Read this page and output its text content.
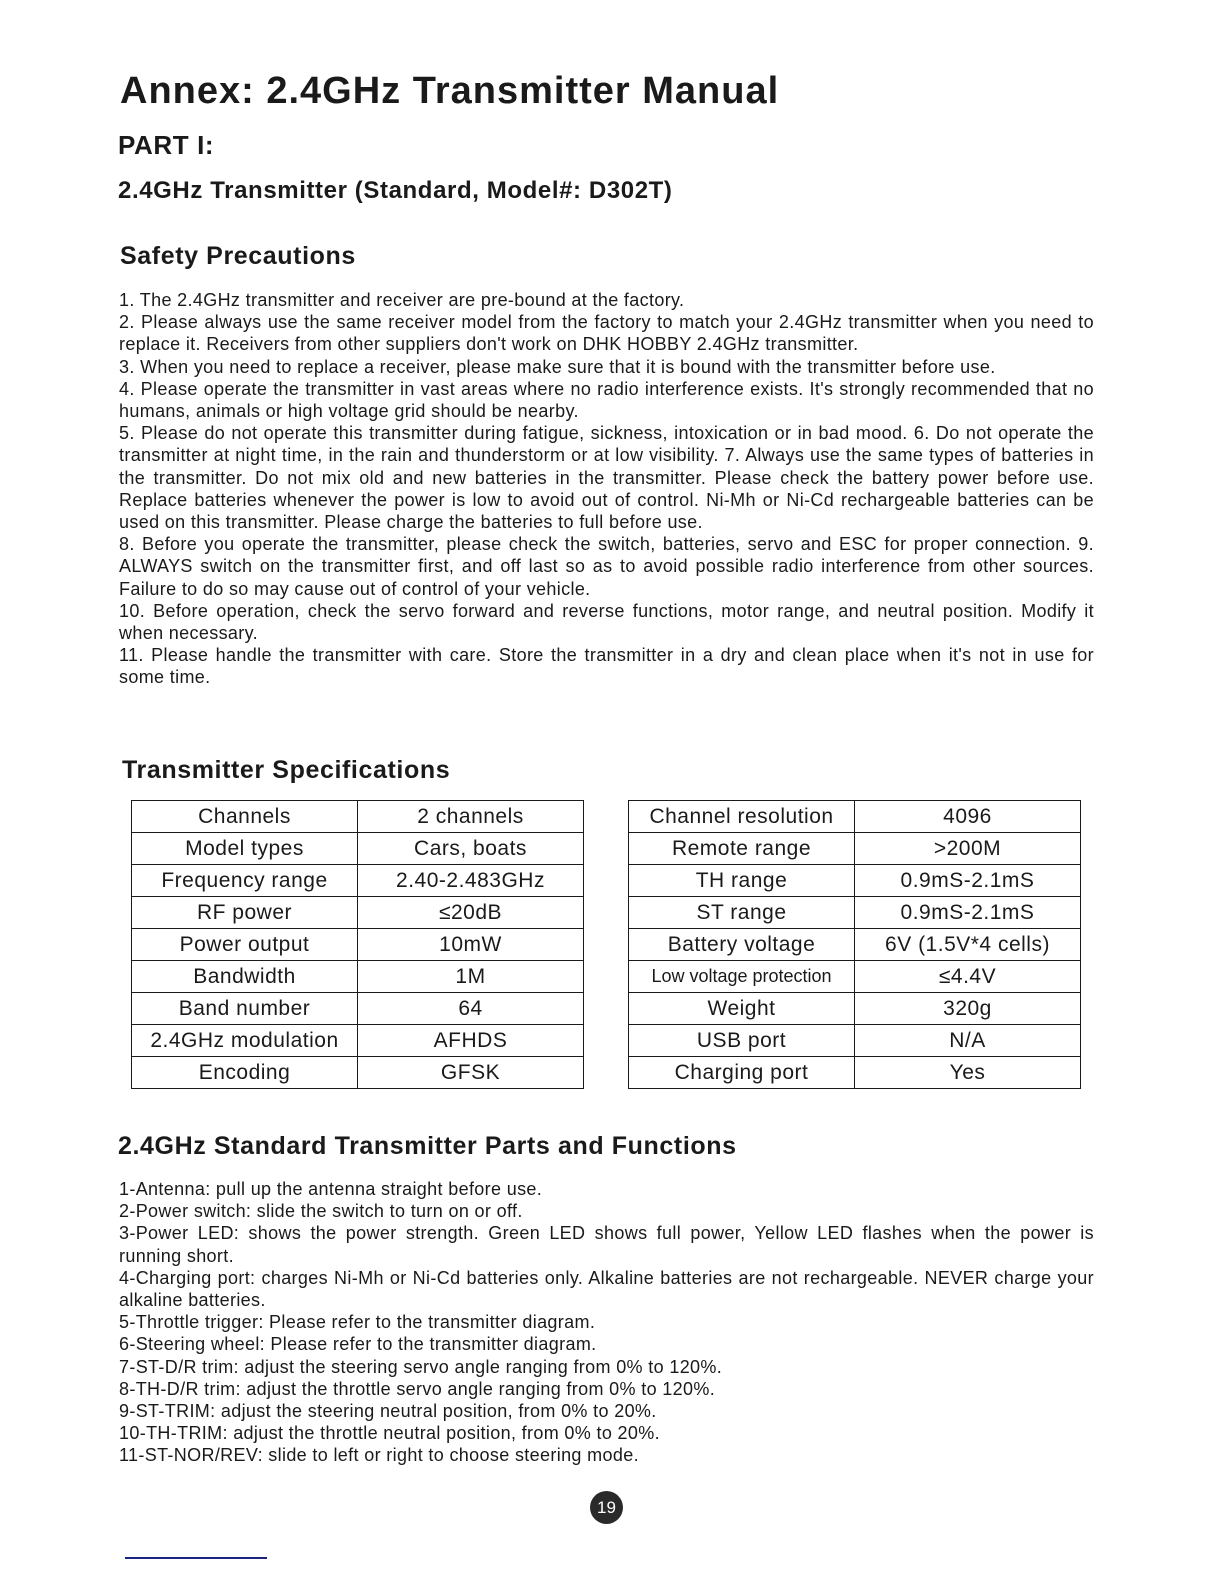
Annex: 2.4GHz Transmitter Manual
PART I:
2.4GHz Transmitter (Standard, Model#: D302T)
Safety Precautions

1. The 2.4GHz transmitter and receiver are pre-bound at the factory.

2. Please always use the same receiver model from the factory to match your 2.4GHz transmitter when you need to replace it. Receivers from other suppliers don't work on DHK HOBBY 2.4GHz transmitter.

3. When you need to replace a receiver, please make sure that it is bound with the transmitter before use.

4. Please operate the transmitter in vast areas where no radio interference exists. It's strongly recommended that no humans, animals or high voltage grid should be nearby.

5. Please do not operate this transmitter during fatigue, sickness, intoxication or in bad mood. 6. Do not operate the transmitter at night time, in the rain and thunderstorm or at low visibility. 7. Always use the same types of batteries in the transmitter. Do not mix old and new batteries in the transmitter. Please check the battery power before use. Replace batteries whenever the power is low to avoid out of control. Ni-Mh or Ni-Cd rechargeable batteries can be used on this transmitter. Please charge the batteries to full before use.

8. Before you operate the transmitter, please check the switch, batteries, servo and ESC for proper connection. 9. ALWAYS switch on the transmitter first, and off last so as to avoid possible radio interference from other sources. Failure to do so may cause out of control of your vehicle.

10. Before operation, check the servo forward and reverse functions, motor range, and neutral position. Modify it when necessary.

11. Please handle the transmitter with care. Store the transmitter in a dry and clean place when it's not in use for some time.

Transmitter Specifications
Channels	2 channels
Model types	Cars, boats
Frequency range	2.40-2.483GHz
RF power	≤20dB
Power output	10mW
Bandwidth	1M
Band number	64
2.4GHz modulation	AFHDS
Encoding	GFSK
Channel resolution	4096
Remote range	>200M
TH range	0.9mS-2.1mS
ST range	0.9mS-2.1mS
Battery voltage	6V (1.5V*4 cells)
Low voltage protection	≤4.4V
Weight	320g
USB port	N/A
Charging port	Yes
2.4GHz Standard Transmitter Parts and Functions

1-Antenna: pull up the antenna straight before use.

2-Power switch: slide the switch to turn on or off.

3-Power LED: shows the power strength. Green LED shows full power, Yellow LED flashes when the power is running short.

4-Charging port: charges Ni-Mh or Ni-Cd batteries only. Alkaline batteries are not rechargeable. NEVER charge your alkaline batteries.

5-Throttle trigger: Please refer to the transmitter diagram.

6-Steering wheel: Please refer to the transmitter diagram.

7-ST-D/R trim: adjust the steering servo angle ranging from 0% to 120%.

8-TH-D/R trim: adjust the throttle servo angle ranging from 0% to 120%.

9-ST-TRIM: adjust the steering neutral position, from 0% to 20%.

10-TH-TRIM: adjust the throttle neutral position, from 0% to 20%.

11-ST-NOR/REV: slide to left or right to choose steering mode.

19
